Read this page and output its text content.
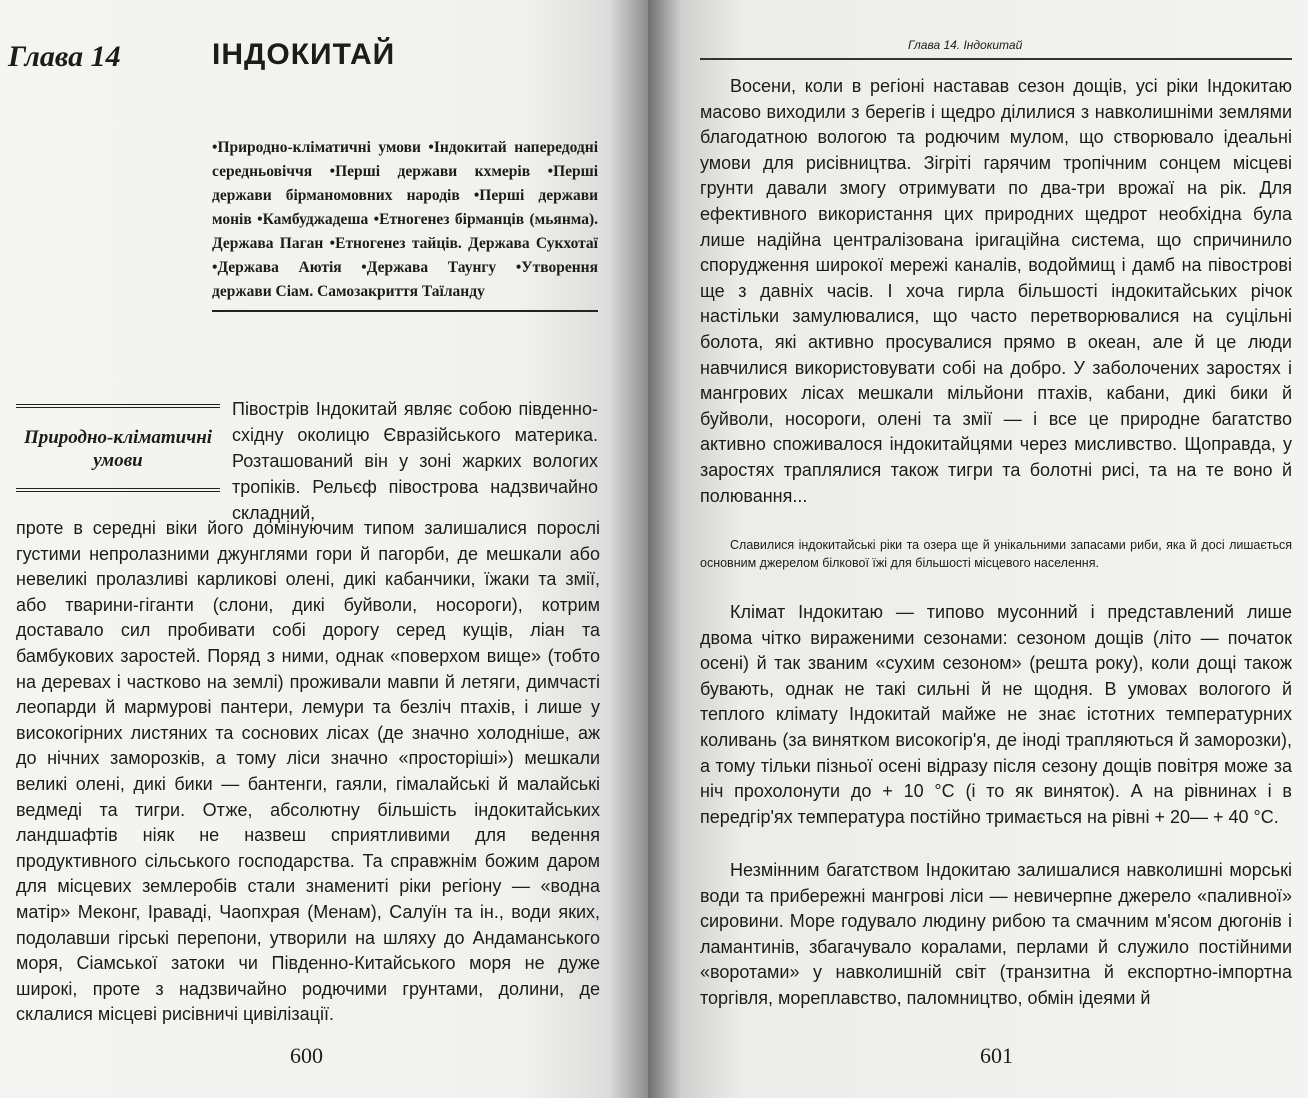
Глава 14	ІНДОКИТАЙ
• Природно-кліматичні умови • Індокитай напередодні середньовіччя • Перші держави кхмерів • Перші держави бірманомовних народів • Перші держави монів • Камбуджадеша • Етногенез бірманців (мьянма). Держава Паган • Етногенез тайців. Держава Сукхотаї • Держава Аютія • Держава Таунгу • Утворення держави Сіам. Самозакриття Таїланду
Природно-кліматичні умови

Півострів Індокитай являє собою південно-східну околицю Євразійського материка. Розташований він у зоні жарких вологих тропіків. Рельєф півострова надзвичайно складний,

проте в середні віки його домінуючим типом залишалися порослі густими непролазними джунглями гори й пагорби, де мешкали або невеликі пролазливі карликові олені, дикі кабанчики, їжаки та змії, або тварини-гіганти (слони, дикі буйволи, носороги), котрим доставало сил пробивати собі дорогу серед кущів, ліан та бамбукових заростей. Поряд з ними, однак «поверхом вище» (тобто на деревах і частково на землі) проживали мавпи й летяги, димчасті леопарди й мармурові пантери, лемури та безліч птахів, і лише у високогірних листяних та соснових лісах (де значно холодніше, аж до нічних заморозків, а тому ліси значно «просторіші») мешкали великі олені, дикі бики — бантенги, гаяли, гімалайські й малайські ведмеді та тигри. Отже, абсолютну більшість індокитайських ландшафтів ніяк не назвеш сприятливими для ведення продуктивного сільського господарства. Та справжнім божим даром для місцевих землеробів стали знамениті ріки регіону — «водна матір» Меконг, Іраваді, Чаопхрая (Менам), Салуїн та ін., води яких, подолавши гірські перепони, утворили на шляху до Андаманського моря, Сіамської затоки чи Південно-Китайського моря не дуже широкі, проте з надзвичайно родючими грунтами, долини, де склалися місцеві рисівничі цивілізації.

600
Глава 14. Індокитай

Восени, коли в регіоні наставав сезон дощів, усі ріки Індокитаю масово виходили з берегів і щедро ділилися з навколишніми землями благодатною вологою та родючим мулом, що створювало ідеальні умови для рисівництва. Зігріті гарячим тропічним сонцем місцеві грунти давали змогу отримувати по два-три врожаї на рік. Для ефективного використання цих природних щедрот необхідна була лише надійна централізована іригаційна система, що спричинило спорудження широкої мережі каналів, водоймищ і дамб на півострові ще з давніх часів. І хоча гирла більшості індокитайських річок настільки замулювалися, що часто перетворювалися на суцільні болота, які активно просувалися прямо в океан, але й це люди навчилися використовувати собі на добро. У заболочених заростях і мангрових лісах мешкали мільйони птахів, кабани, дикі бики й буйволи, носороги, олені та змії — і все це природне багатство активно споживалося індокитайцями через мисливство. Щоправда, у заростях траплялися також тигри та болотні рисі, та на те воно й полювання...

Славилися індокитайські ріки та озера ще й унікальними запасами риби, яка й досі лишається основним джерелом білкової їжі для більшості місцевого населення.

Клімат Індокитаю — типово мусонний і представлений лише двома чітко вираженими сезонами: сезоном дощів (літо — початок осені) й так званим «сухим сезоном» (решта року), коли дощі також бувають, однак не такі сильні й не щодня. В умовах вологого й теплого клімату Індокитай майже не знає істотних температурних коливань (за винятком високогір'я, де іноді трапляються й заморозки), а тому тільки пізньої осені відразу після сезону дощів повітря може за ніч прохолонути до + 10 °С (і то як виняток). А на рівнинах і в передгір'ях температура постійно тримається на рівні + 20— + 40 °С.

Незмінним багатством Індокитаю залишалися навколишні морські води та прибережні мангрові ліси — невичерпне джерело «паливної» сировини. Море годувало людину рибою та смачним м'ясом дюгонів і ламантинів, збагачувало коралами, перлами й служило постійними «воротами» у навколишній світ (транзитна й експортно-імпортна торгівля, мореплавство, паломництво, обмін ідеями й

601
